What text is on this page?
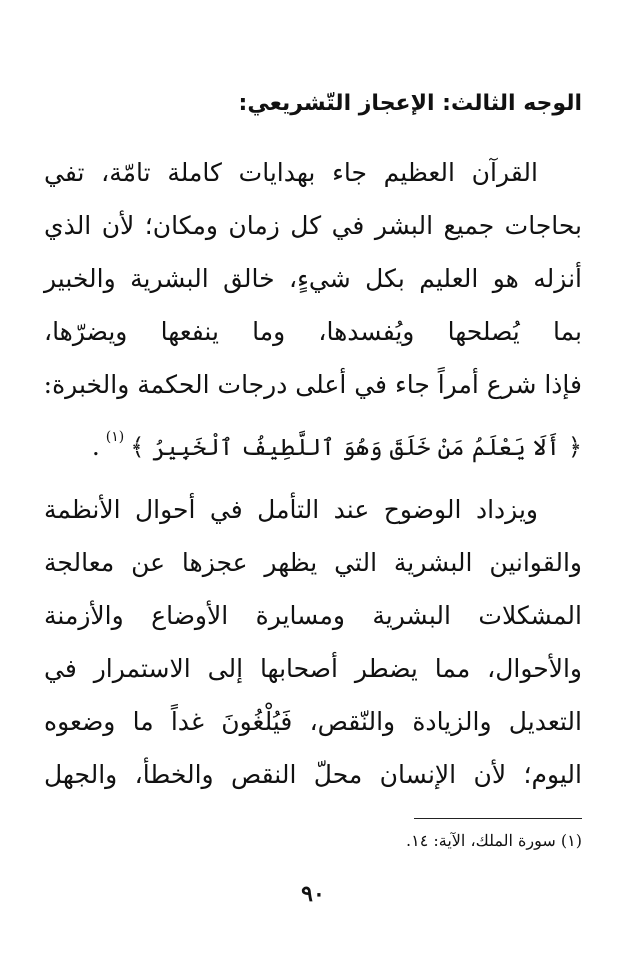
الوجه الثالث: الإعجاز التّشريعي:

القرآن العظيم جاء بهدايات كاملة تامّة، تفي
بحاجات جميع البشر في كل زمان ومكان؛ لأن الذي
أنزله هو العليم بكل شيءٍ، خالق البشرية والخبير
بما يُصلحها ويُفسدها، وما ينفعها ويضرّها،
فإذا شرع أمراً جاء في أعلى درجات الحكمة والخبرة:
﴿ أَلَا يَعْلَمُ مَنْ خَلَقَ وَهُوَ ٱللَّطِيفُ ٱلْخَبِيرُ ﴾$^{(١)}$.

ويزداد الوضوح عند التأمل في أحوال الأنظمة
والقوانين البشرية التي يظهر عجزها عن معالجة
المشكلات البشرية ومسايرة الأوضاع والأزمنة
والأحوال، مما يضطر أصحابها إلى الاستمرار في
التعديل والزيادة والنّقص، فَيُلْغُونَ غداً ما وضعوه
اليوم؛ لأن الإنسان محلّ النقص والخطأ، والجهل

(١) سورة الملك، الآية: ١٤.

٩٠
